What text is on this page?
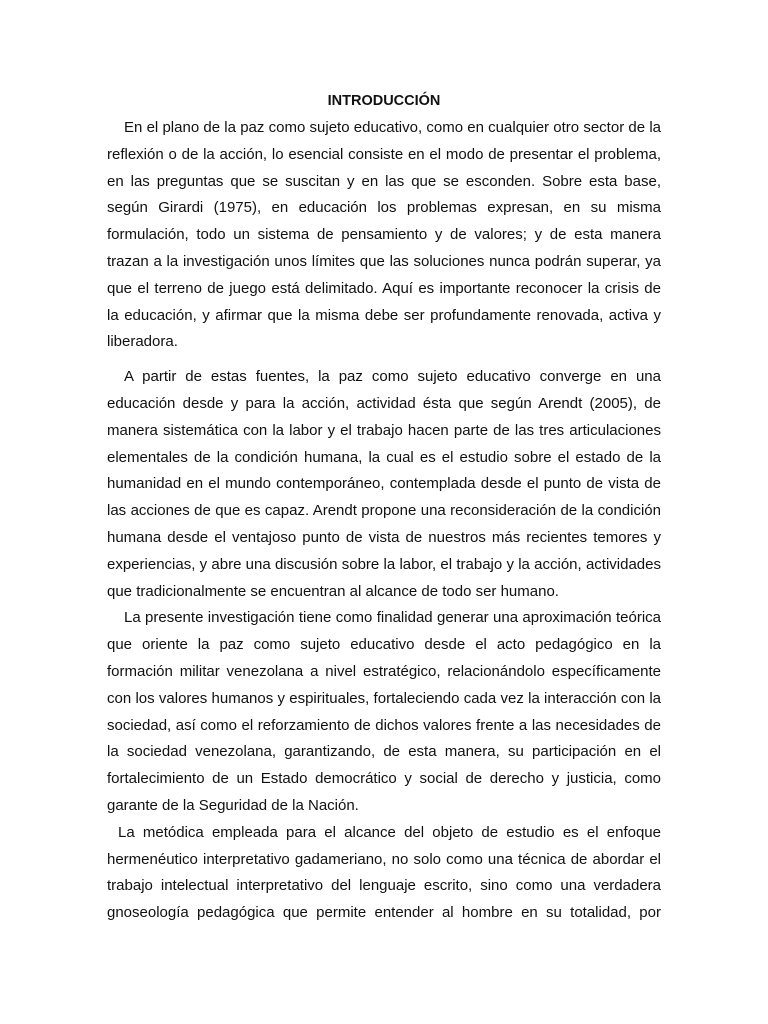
INTRODUCCIÓN

En el plano de la paz como sujeto educativo, como en cualquier otro sector de la reflexión o de la acción, lo esencial consiste en el modo de presentar el problema, en las preguntas que se suscitan y en las que se esconden. Sobre esta base, según Girardi (1975), en educación los problemas expresan, en su misma formulación, todo un sistema de pensamiento y de valores; y de esta manera trazan a la investigación unos límites que las soluciones nunca podrán superar, ya que el terreno de juego está delimitado. Aquí es importante reconocer la crisis de la educación, y afirmar que la misma debe ser profundamente renovada, activa y liberadora.

A partir de estas fuentes, la paz como sujeto educativo converge en una educación desde y para la acción, actividad ésta que según Arendt (2005), de manera sistemática con la labor y el trabajo hacen parte de las tres articulaciones elementales de la condición humana, la cual es el estudio sobre el estado de la humanidad en el mundo contemporáneo, contemplada desde el punto de vista de las acciones de que es capaz. Arendt propone una reconsideración de la condición humana desde el ventajoso punto de vista de nuestros más recientes temores y experiencias, y abre una discusión sobre la labor, el trabajo y la acción, actividades que tradicionalmente se encuentran al alcance de todo ser humano.

La presente investigación tiene como finalidad generar una aproximación teórica que oriente la paz como sujeto educativo desde el acto pedagógico en la formación militar venezolana a nivel estratégico, relacionándolo específicamente con los valores humanos y espirituales, fortaleciendo cada vez la interacción con la sociedad, así como el reforzamiento de dichos valores frente a las necesidades de la sociedad venezolana, garantizando, de esta manera, su participación en el fortalecimiento de un Estado democrático y social de derecho y justicia, como garante de la Seguridad de la Nación.

La metódica empleada para el alcance del objeto de estudio es el enfoque hermenéutico interpretativo gadameriano, no solo como una técnica de abordar el trabajo intelectual interpretativo del lenguaje escrito, sino como una verdadera gnoseología pedagógica que permite entender al hombre en su totalidad, por
